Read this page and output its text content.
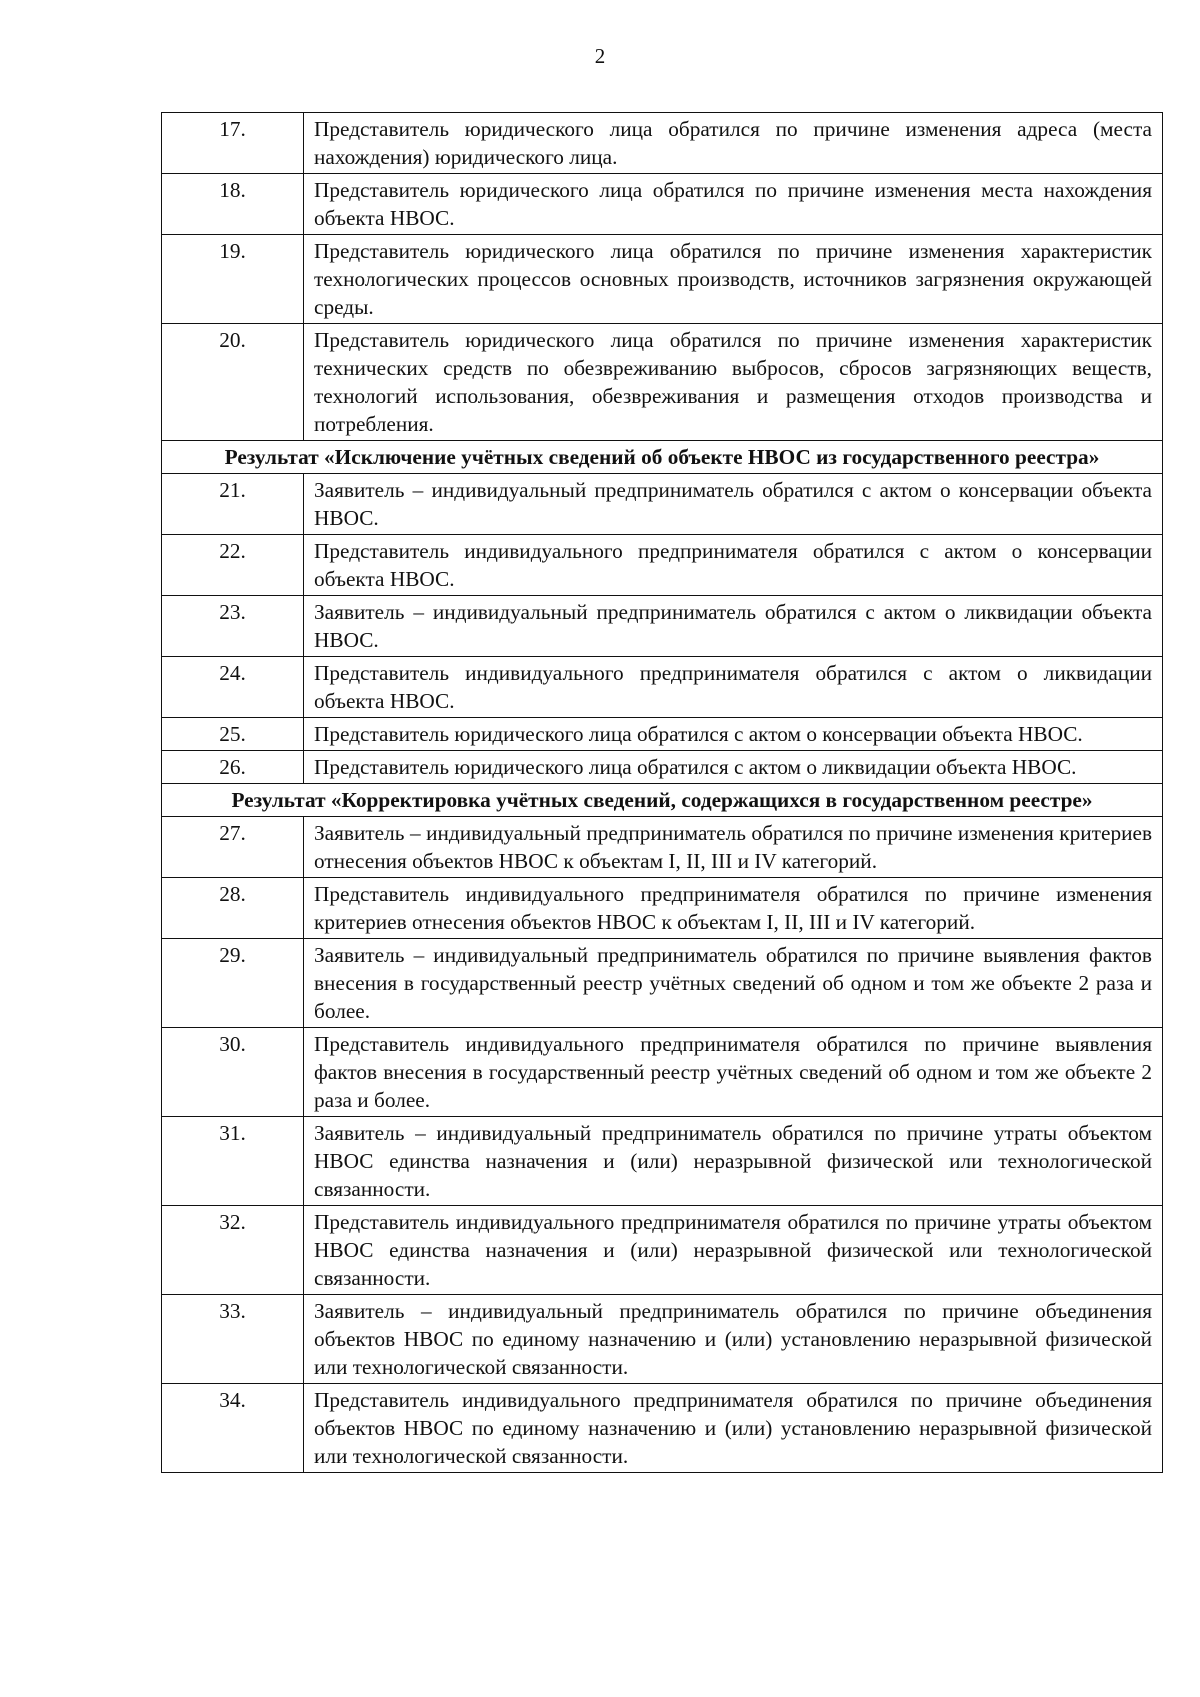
2
17.	Представитель юридического лица обратился по причине изменения адреса (места нахождения) юридического лица.
18.	Представитель юридического лица обратился по причине изменения места нахождения объекта НВОС.
19.	Представитель юридического лица обратился по причине изменения характеристик технологических процессов основных производств, источников загрязнения окружающей среды.
20.	Представитель юридического лица обратился по причине изменения характеристик технических средств по обезвреживанию выбросов, сбросов загрязняющих веществ, технологий использования, обезвреживания и размещения отходов производства и потребления.
Результат «Исключение учётных сведений об объекте НВОС из государственного реестра»	
21.	Заявитель – индивидуальный предприниматель обратился с актом о консервации объекта НВОС.
22.	Представитель индивидуального предпринимателя обратился с актом о консервации объекта НВОС.
23.	Заявитель – индивидуальный предприниматель обратился с актом о ликвидации объекта НВОС.
24.	Представитель индивидуального предпринимателя обратился с актом о ликвидации объекта НВОС.
25.	Представитель юридического лица обратился с актом о консервации объекта НВОС.
26.	Представитель юридического лица обратился с актом о ликвидации объекта НВОС.
Результат «Корректировка учётных сведений, содержащихся в государственном реестре»	
27.	Заявитель – индивидуальный предприниматель обратился по причине изменения критериев отнесения объектов НВОС к объектам I, II, III и IV категорий.
28.	Представитель индивидуального предпринимателя обратился по причине изменения критериев отнесения объектов НВОС к объектам I, II, III и IV категорий.
29.	Заявитель – индивидуальный предприниматель обратился по причине выявления фактов внесения в государственный реестр учётных сведений об одном и том же объекте 2 раза и более.
30.	Представитель индивидуального предпринимателя обратился по причине выявления фактов внесения в государственный реестр учётных сведений об одном и том же объекте 2 раза и более.
31.	Заявитель – индивидуальный предприниматель обратился по причине утраты объектом НВОС единства назначения и (или) неразрывной физической или технологической связанности.
32.	Представитель индивидуального предпринимателя обратился по причине утраты объектом НВОС единства назначения и (или) неразрывной физической или технологической связанности.
33.	Заявитель – индивидуальный предприниматель обратился по причине объединения объектов НВОС по единому назначению и (или) установлению неразрывной физической или технологической связанности.
34.	Представитель индивидуального предпринимателя обратился по причине объединения объектов НВОС по единому назначению и (или) установлению неразрывной физической или технологической связанности.
